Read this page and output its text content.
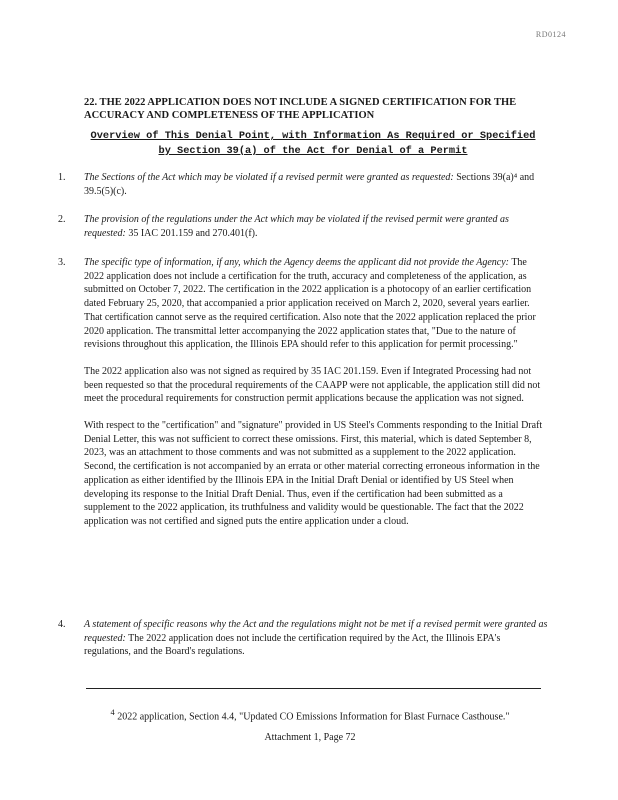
RD0124
22. THE 2022 APPLICATION DOES NOT INCLUDE A SIGNED CERTIFICATION FOR THE ACCURACY AND COMPLETENESS OF THE APPLICATION
Overview of This Denial Point, with Information As Required or Specified by Section 39(a) of the Act for Denial of a Permit
1.	The Sections of the Act which may be violated if a revised permit were granted as requested: Sections 39(a)⁴ and 39.5(5)(c).
2.	The provision of the regulations under the Act which may be violated if the revised permit were granted as requested: 35 IAC 201.159 and 270.401(f).
3.	The specific type of information, if any, which the Agency deems the applicant did not provide the Agency: The 2022 application does not include a certification for the truth, accuracy and completeness of the application, as submitted on October 7, 2022. The certification in the 2022 application is a photocopy of an earlier certification dated February 25, 2020, that accompanied a prior application received on March 2, 2020, several years earlier. That certification cannot serve as the required certification. Also note that the 2022 application replaced the prior 2020 application. The transmittal letter accompanying the 2022 application states that, "Due to the nature of revisions throughout this application, the Illinois EPA should refer to this application for permit processing."

The 2022 application also was not signed as required by 35 IAC 201.159. Even if Integrated Processing had not been requested so that the procedural requirements of the CAAPP were not applicable, the application still did not meet the procedural requirements for construction permit applications because the application was not signed.

With respect to the "certification" and "signature" provided in US Steel's Comments responding to the Initial Draft Denial Letter, this was not sufficient to correct these omissions. First, this material, which is dated September 8, 2023, was an attachment to those comments and was not submitted as a supplement to the 2022 application. Second, the certification is not accompanied by an errata or other material correcting erroneous information in the application as either identified by the Illinois EPA in the Initial Draft Denial or identified by US Steel when developing its response to the Initial Draft Denial. Thus, even if the certification had been submitted as a supplement to the 2022 application, its truthfulness and validity would be questionable. The fact that the 2022 application was not certified and signed puts the entire application under a cloud.

4.	A statement of specific reasons why the Act and the regulations might not be met if a revised permit were granted as requested: The 2022 application does not include the certification required by the Act, the Illinois EPA's regulations, and the Board's regulations.
$^4$ 2022 application, Section 4.4, "Updated CO Emissions Information for Blast Furnace Casthouse."
Attachment 1, Page 72
